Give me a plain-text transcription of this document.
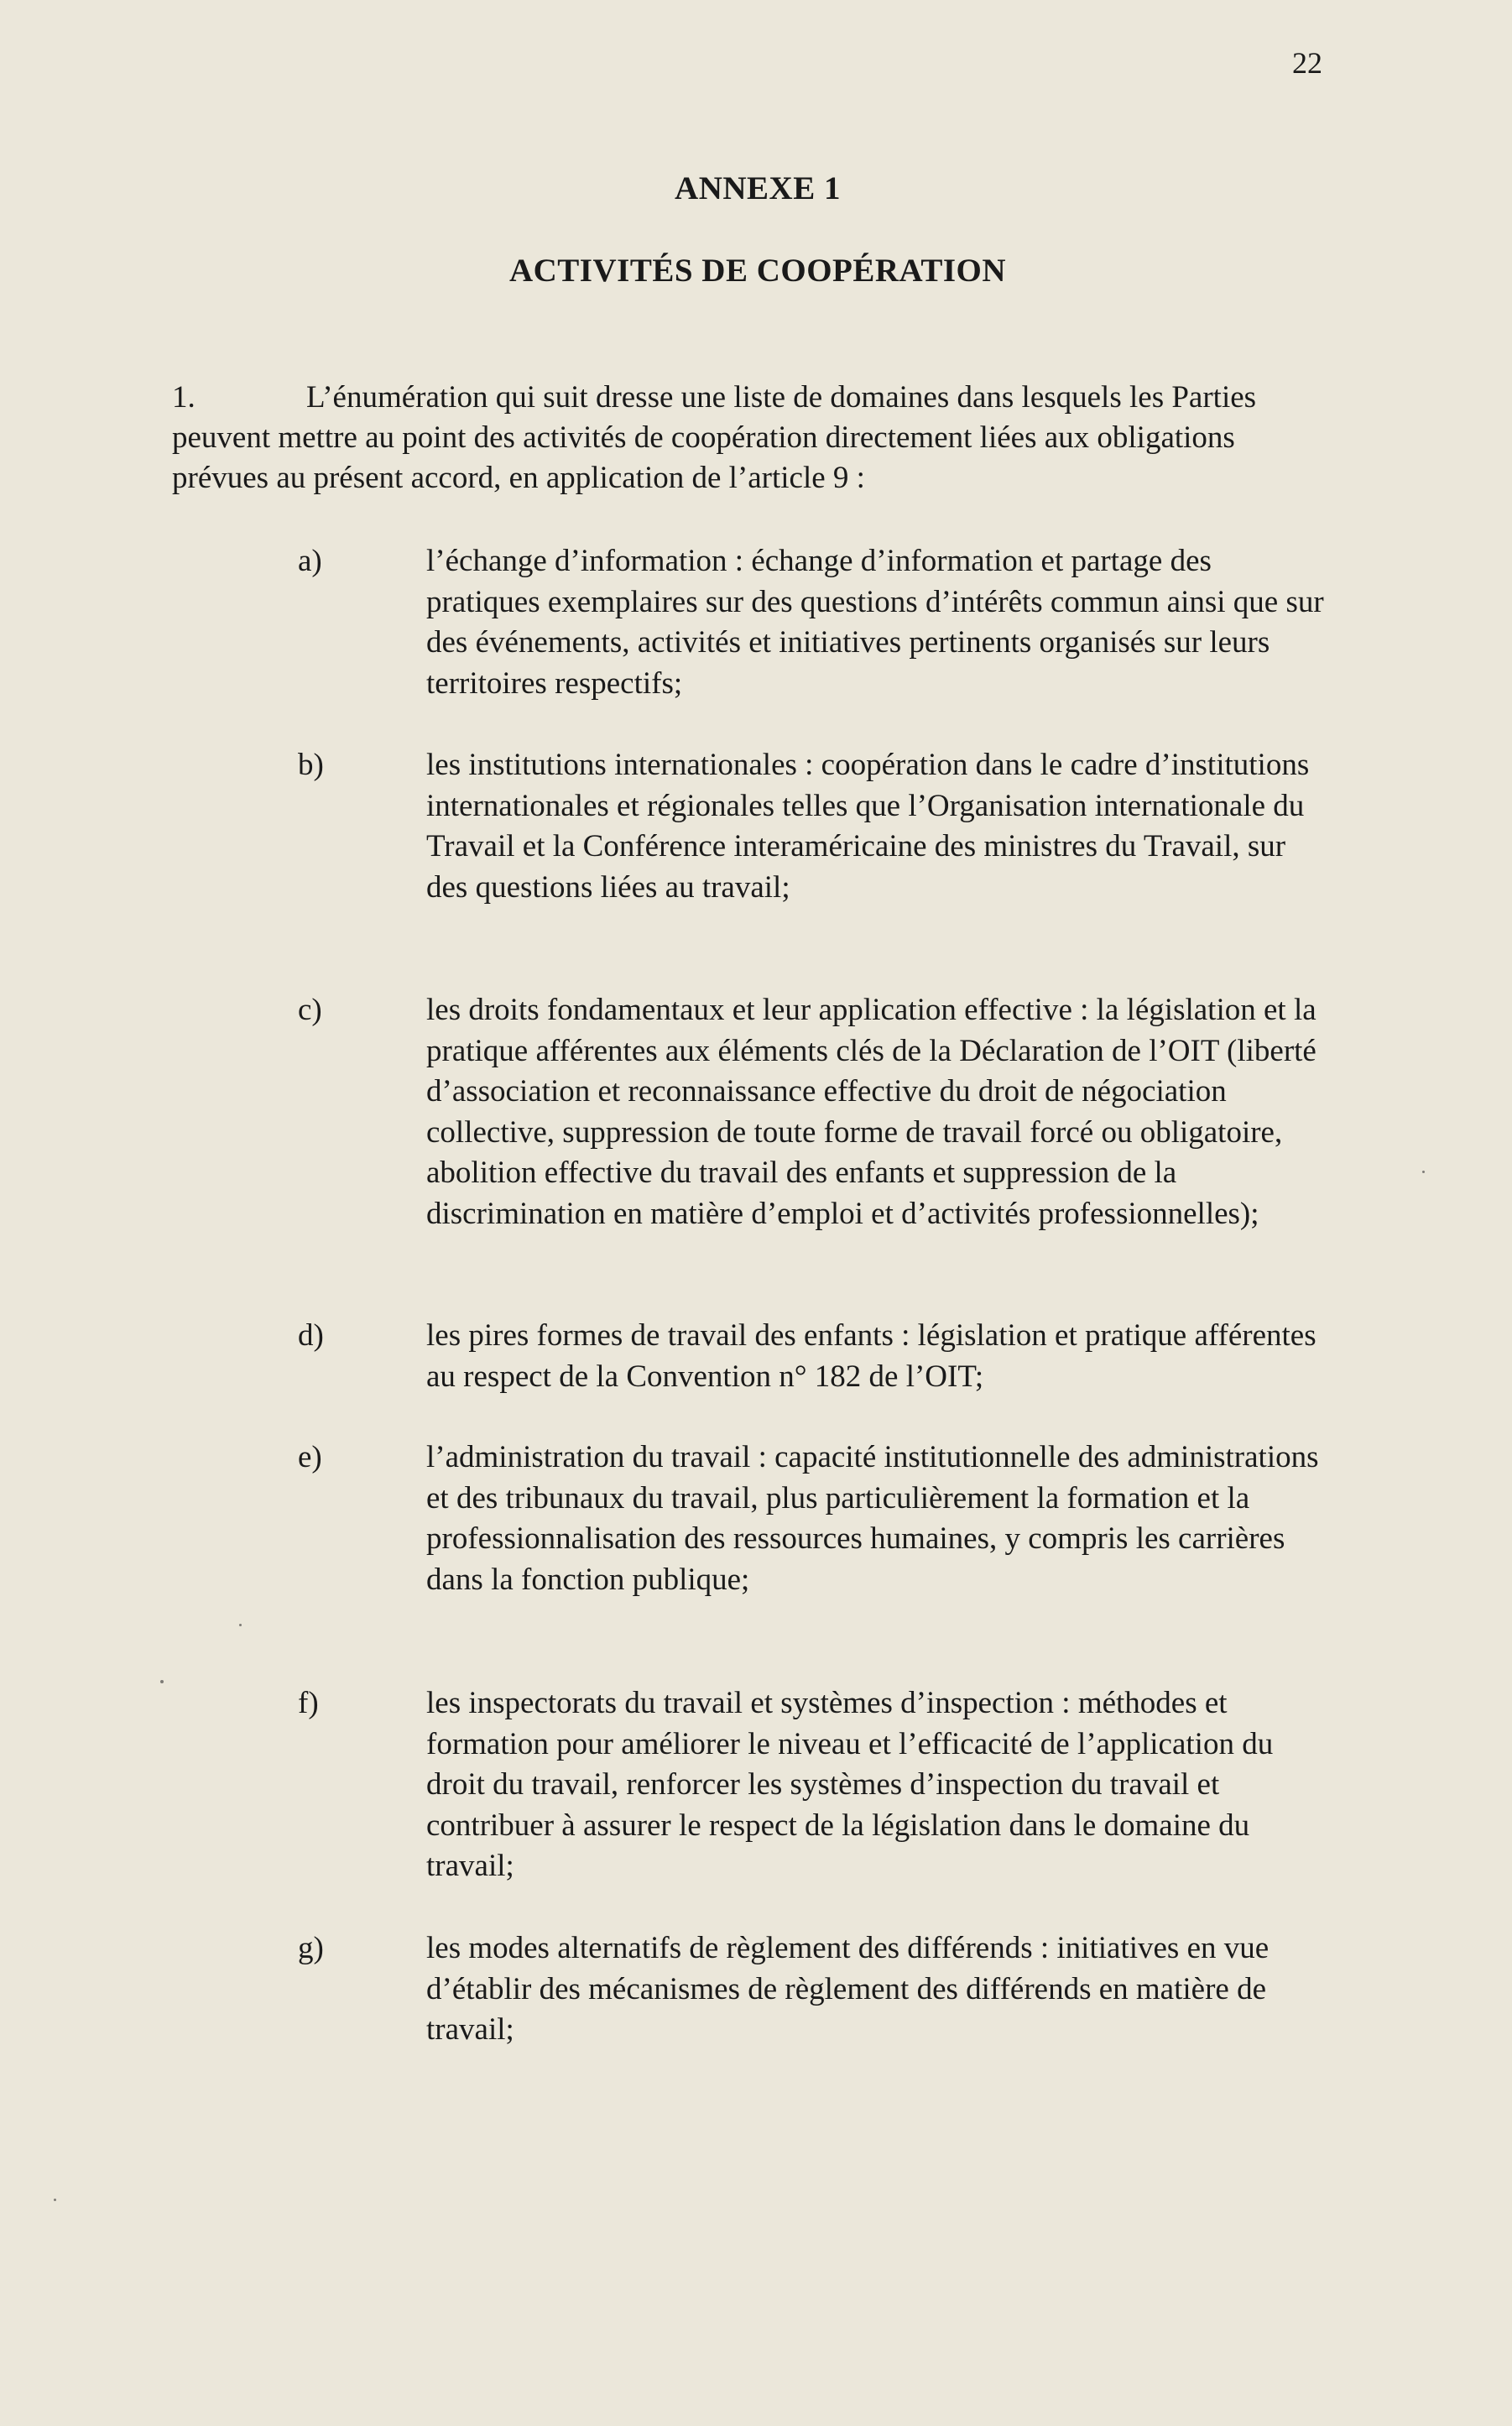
22
ANNEXE 1
ACTIVITÉS DE COOPÉRATION
1.	L’énumération qui suit dresse une liste de domaines dans lesquels les Parties peuvent mettre au point des activités de coopération directement liées aux obligations prévues au présent accord, en application de l’article 9 :
a)	l’échange d’information : échange d’information et partage des pratiques exemplaires sur des questions d’intérêts commun ainsi que sur des événements, activités et initiatives pertinents organisés sur leurs territoires respectifs;
b)	les institutions internationales : coopération dans le cadre d’institutions internationales et régionales telles que l’Organisation internationale du Travail et la Conférence interaméricaine des ministres du Travail, sur des questions liées au travail;
c)	les droits fondamentaux et leur application effective : la législation et la pratique afférentes aux éléments clés de la Déclaration de l’OIT (liberté d’association et reconnaissance effective du droit de négociation collective, suppression de toute forme de travail forcé ou obligatoire, abolition effective du travail des enfants et suppression de la discrimination en matière d’emploi et d’activités professionnelles);
d)	les pires formes de travail des enfants : législation et pratique afférentes au respect de la Convention n° 182 de l’OIT;
e)	l’administration du travail : capacité institutionnelle des administrations et des tribunaux du travail, plus particulièrement la formation et la professionnalisation des ressources humaines, y compris les carrières dans la fonction publique;
f)	les inspectorats du travail et systèmes d’inspection : méthodes et formation pour améliorer le niveau et l’efficacité de l’application du droit du travail, renforcer les systèmes d’inspection du travail et contribuer à assurer le respect de la législation dans le domaine du travail;
g)	les modes alternatifs de règlement des différends : initiatives en vue d’établir des mécanismes de règlement des différends en matière de travail;
